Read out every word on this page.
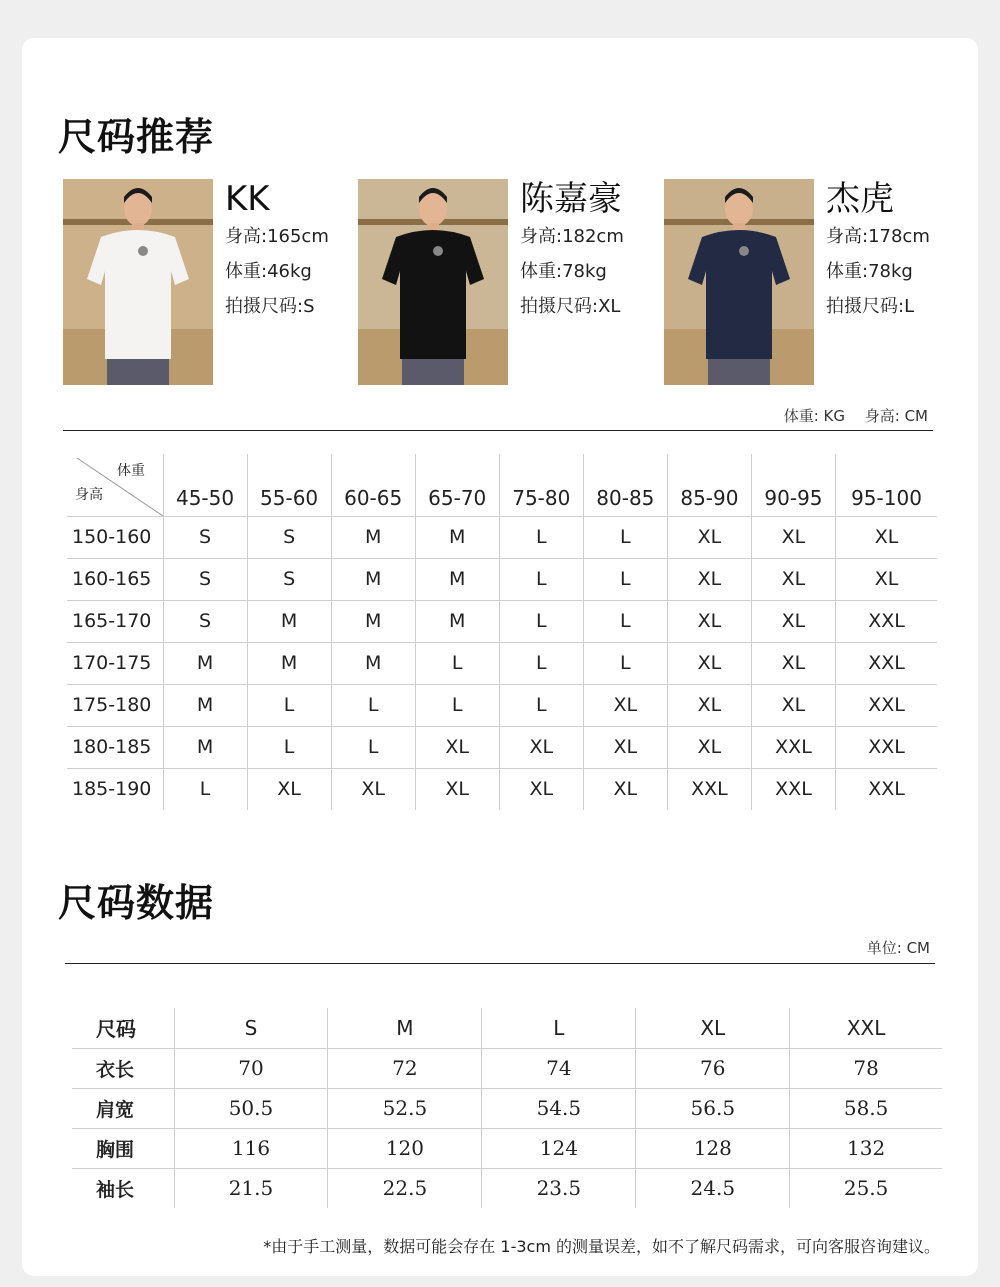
尺码推荐
KK
身高:165cm
体重:46kg
拍摄尺码:S
陈嘉豪
身高:182cm
体重:78kg
拍摄尺码:XL
杰虎
身高:178cm
体重:78kg
拍摄尺码:L
体重: KG　 身高: CM
体重
身高	45-50	55-60	60-65	65-70	75-80	80-85	85-90	90-95	95-100
150-160	S	S	M	M	L	L	XL	XL	XL
160-165	S	S	M	M	L	L	XL	XL	XL
165-170	S	M	M	M	L	L	XL	XL	XXL
170-175	M	M	M	L	L	L	XL	XL	XXL
175-180	M	L	L	L	L	XL	XL	XL	XXL
180-185	M	L	L	XL	XL	XL	XL	XXL	XXL
185-190	L	XL	XL	XL	XL	XL	XXL	XXL	XXL
尺码数据
单位: CM
尺码	S	M	L	XL	XXL
衣长	70	72	74	76	78
肩宽	50.5	52.5	54.5	56.5	58.5
胸围	116	120	124	128	132
袖长	21.5	22.5	23.5	24.5	25.5
*由于手工测量，数据可能会存在 1-3cm 的测量误差，如不了解尺码需求，可向客服咨询建议。
